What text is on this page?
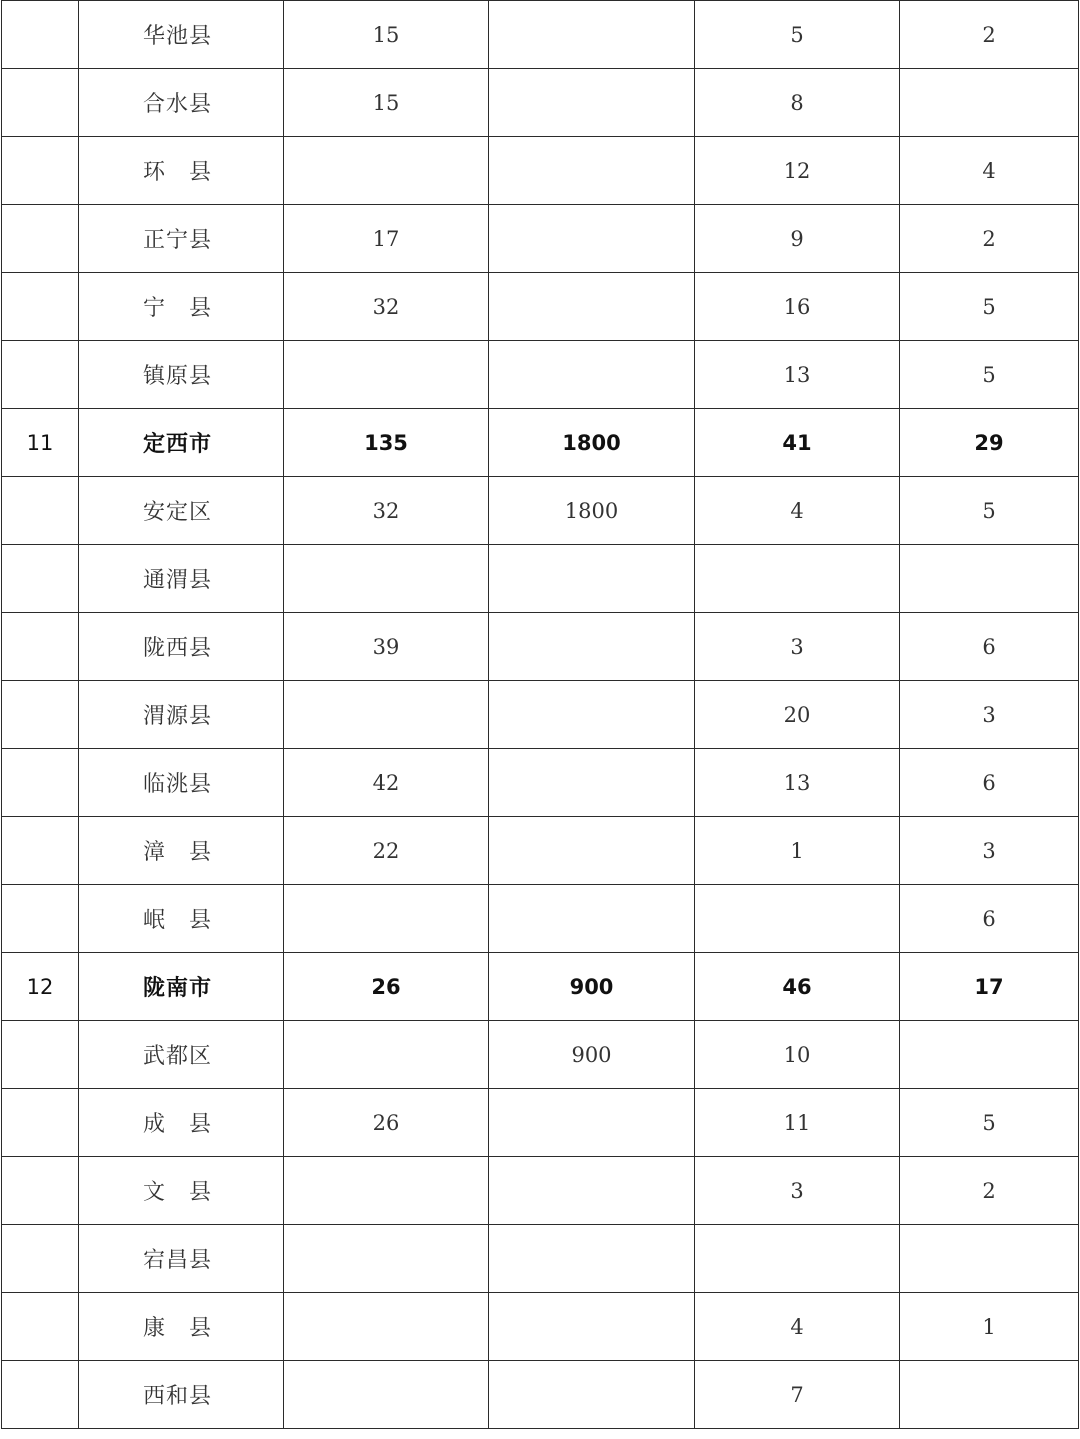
	华池县	15		5	2
	合水县	15		8	
	环　县			12	4
	正宁县	17		9	2
	宁　县	32		16	5
	镇原县			13	5
11	定西市	135	1800	41	29
	安定区	32	1800	4	5
	通渭县				
	陇西县	39		3	6
	渭源县			20	3
	临洮县	42		13	6
	漳　县	22		1	3
	岷　县				6
12	陇南市	26	900	46	17
	武都区		900	10	
	成　县	26		11	5
	文　县			3	2
	宕昌县				
	康　县			4	1
	西和县			7	
